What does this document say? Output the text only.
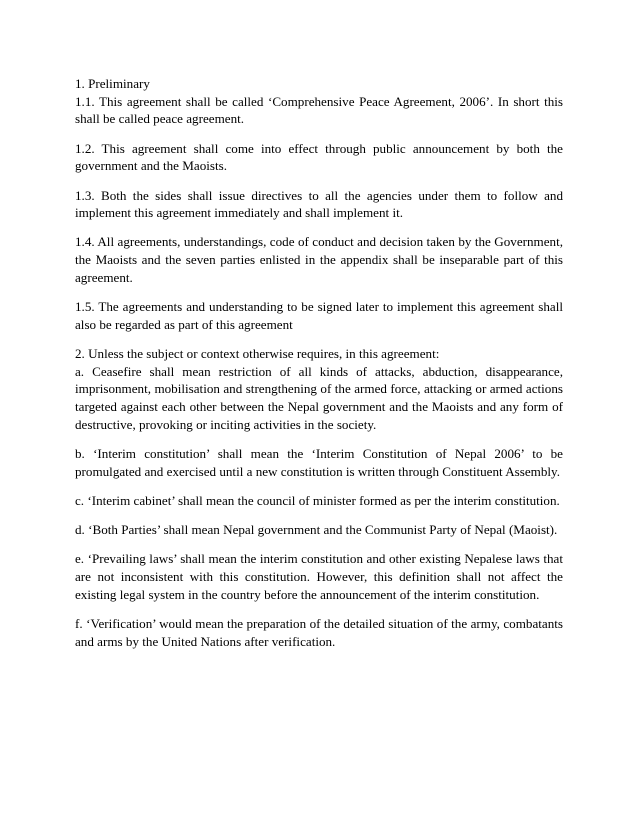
1. Preliminary

1.1. This agreement shall be called ‘Comprehensive Peace Agreement, 2006’. In short this shall be called peace agreement.

1.2. This agreement shall come into effect through public announcement by both the government and the Maoists.

1.3. Both the sides shall issue directives to all the agencies under them to follow and implement this agreement immediately and shall implement it.

1.4. All agreements, understandings, code of conduct and decision taken by the Government, the Maoists and the seven parties enlisted in the appendix shall be inseparable part of this agreement.

1.5. The agreements and understanding to be signed later to implement this agreement shall also be regarded as part of this agreement

2. Unless the subject or context otherwise requires, in this agreement:

a. Ceasefire shall mean restriction of all kinds of attacks, abduction, disappearance, imprisonment, mobilisation and strengthening of the armed force, attacking or armed actions targeted against each other between the Nepal government and the Maoists and any form of destructive, provoking or inciting activities in the society.

b. ‘Interim constitution’ shall mean the ‘Interim Constitution of Nepal 2006’ to be promulgated and exercised until a new constitution is written through Constituent Assembly.

c. ‘Interim cabinet’ shall mean the council of minister formed as per the interim constitution.

d. ‘Both Parties’ shall mean Nepal government and the Communist Party of Nepal (Maoist).

e. ‘Prevailing laws’ shall mean the interim constitution and other existing Nepalese laws that are not inconsistent with this constitution. However, this definition shall not affect the existing legal system in the country before the announcement of the interim constitution.

f. ‘Verification’ would mean the preparation of the detailed situation of the army, combatants and arms by the United Nations after verification.
